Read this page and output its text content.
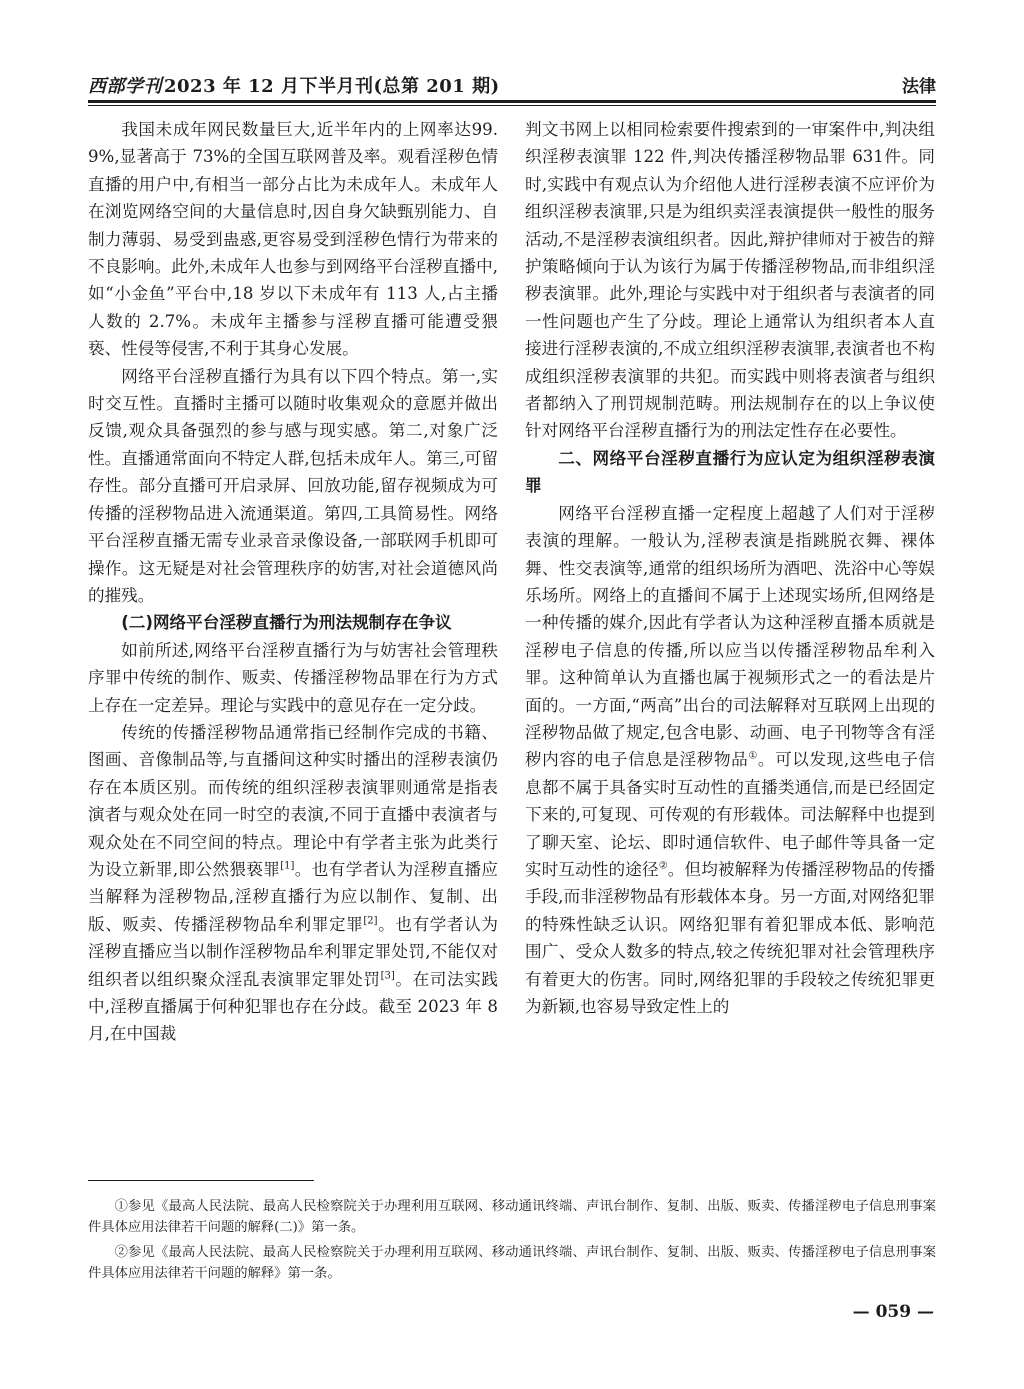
西部学刊 2023 年 12 月下半月刊(总第 201 期)	法律

我国未成年网民数量巨大,近半年内的上网率达99.9%,显著高于 73%的全国互联网普及率。观看淫秽色情直播的用户中,有相当一部分占比为未成年人。未成年人在浏览网络空间的大量信息时,因自身欠缺甄别能力、自制力薄弱、易受到蛊惑,更容易受到淫秽色情行为带来的不良影响。此外,未成年人也参与到网络平台淫秽直播中,如“小金鱼”平台中,18 岁以下未成年有 113 人,占主播人数的 2.7%。未成年主播参与淫秽直播可能遭受猥亵、性侵等侵害,不利于其身心发展。

网络平台淫秽直播行为具有以下四个特点。第一,实时交互性。直播时主播可以随时收集观众的意愿并做出反馈,观众具备强烈的参与感与现实感。第二,对象广泛性。直播通常面向不特定人群,包括未成年人。第三,可留存性。部分直播可开启录屏、回放功能,留存视频成为可传播的淫秽物品进入流通渠道。第四,工具简易性。网络平台淫秽直播无需专业录音录像设备,一部联网手机即可操作。这无疑是对社会管理秩序的妨害,对社会道德风尚的摧残。

(二)网络平台淫秽直播行为刑法规制存在争议

如前所述,网络平台淫秽直播行为与妨害社会管理秩序罪中传统的制作、贩卖、传播淫秽物品罪在行为方式上存在一定差异。理论与实践中的意见存在一定分歧。

传统的传播淫秽物品通常指已经制作完成的书籍、图画、音像制品等,与直播间这种实时播出的淫秽表演仍存在本质区别。而传统的组织淫秽表演罪则通常是指表演者与观众处在同一时空的表演,不同于直播中表演者与观众处在不同空间的特点。理论中有学者主张为此类行为设立新罪,即公然猥亵罪[1]。也有学者认为淫秽直播应当解释为淫秽物品,淫秽直播行为应以制作、复制、出版、贩卖、传播淫秽物品牟利罪定罪[2]。也有学者认为淫秽直播应当以制作淫秽物品牟利罪定罪处罚,不能仅对组织者以组织聚众淫乱表演罪定罪处罚[3]。在司法实践中,淫秽直播属于何种犯罪也存在分歧。截至 2023 年 8 月,在中国裁

判文书网上以相同检索要件搜索到的一审案件中,判决组织淫秽表演罪 122 件,判决传播淫秽物品罪 631件。同时,实践中有观点认为介绍他人进行淫秽表演不应评价为组织淫秽表演罪,只是为组织卖淫表演提供一般性的服务活动,不是淫秽表演组织者。因此,辩护律师对于被告的辩护策略倾向于认为该行为属于传播淫秽物品,而非组织淫秽表演罪。此外,理论与实践中对于组织者与表演者的同一性问题也产生了分歧。理论上通常认为组织者本人直接进行淫秽表演的,不成立组织淫秽表演罪,表演者也不构成组织淫秽表演罪的共犯。而实践中则将表演者与组织者都纳入了刑罚规制范畴。刑法规制存在的以上争议使针对网络平台淫秽直播行为的刑法定性存在必要性。

二、网络平台淫秽直播行为应认定为组织淫秽表演罪

网络平台淫秽直播一定程度上超越了人们对于淫秽表演的理解。一般认为,淫秽表演是指跳脱衣舞、裸体舞、性交表演等,通常的组织场所为酒吧、洗浴中心等娱乐场所。网络上的直播间不属于上述现实场所,但网络是一种传播的媒介,因此有学者认为这种淫秽直播本质就是淫秽电子信息的传播,所以应当以传播淫秽物品牟利入罪。这种简单认为直播也属于视频形式之一的看法是片面的。一方面,“两高”出台的司法解释对互联网上出现的淫秽物品做了规定,包含电影、动画、电子刊物等含有淫秽内容的电子信息是淫秽物品①。可以发现,这些电子信息都不属于具备实时互动性的直播类通信,而是已经固定下来的,可复现、可传观的有形载体。司法解释中也提到了聊天室、论坛、即时通信软件、电子邮件等具备一定实时互动性的途径②。但均被解释为传播淫秽物品的传播手段,而非淫秽物品有形载体本身。另一方面,对网络犯罪的特殊性缺乏认识。网络犯罪有着犯罪成本低、影响范围广、受众人数多的特点,较之传统犯罪对社会管理秩序有着更大的伤害。同时,网络犯罪的手段较之传统犯罪更为新颖,也容易导致定性上的

①参见《最高人民法院、最高人民检察院关于办理利用互联网、移动通讯终端、声讯台制作、复制、出版、贩卖、传播淫秽电子信息刑事案件具体应用法律若干问题的解释(二)》第一条。

②参见《最高人民法院、最高人民检察院关于办理利用互联网、移动通讯终端、声讯台制作、复制、出版、贩卖、传播淫秽电子信息刑事案件具体应用法律若干问题的解释》第一条。

— 059 —
